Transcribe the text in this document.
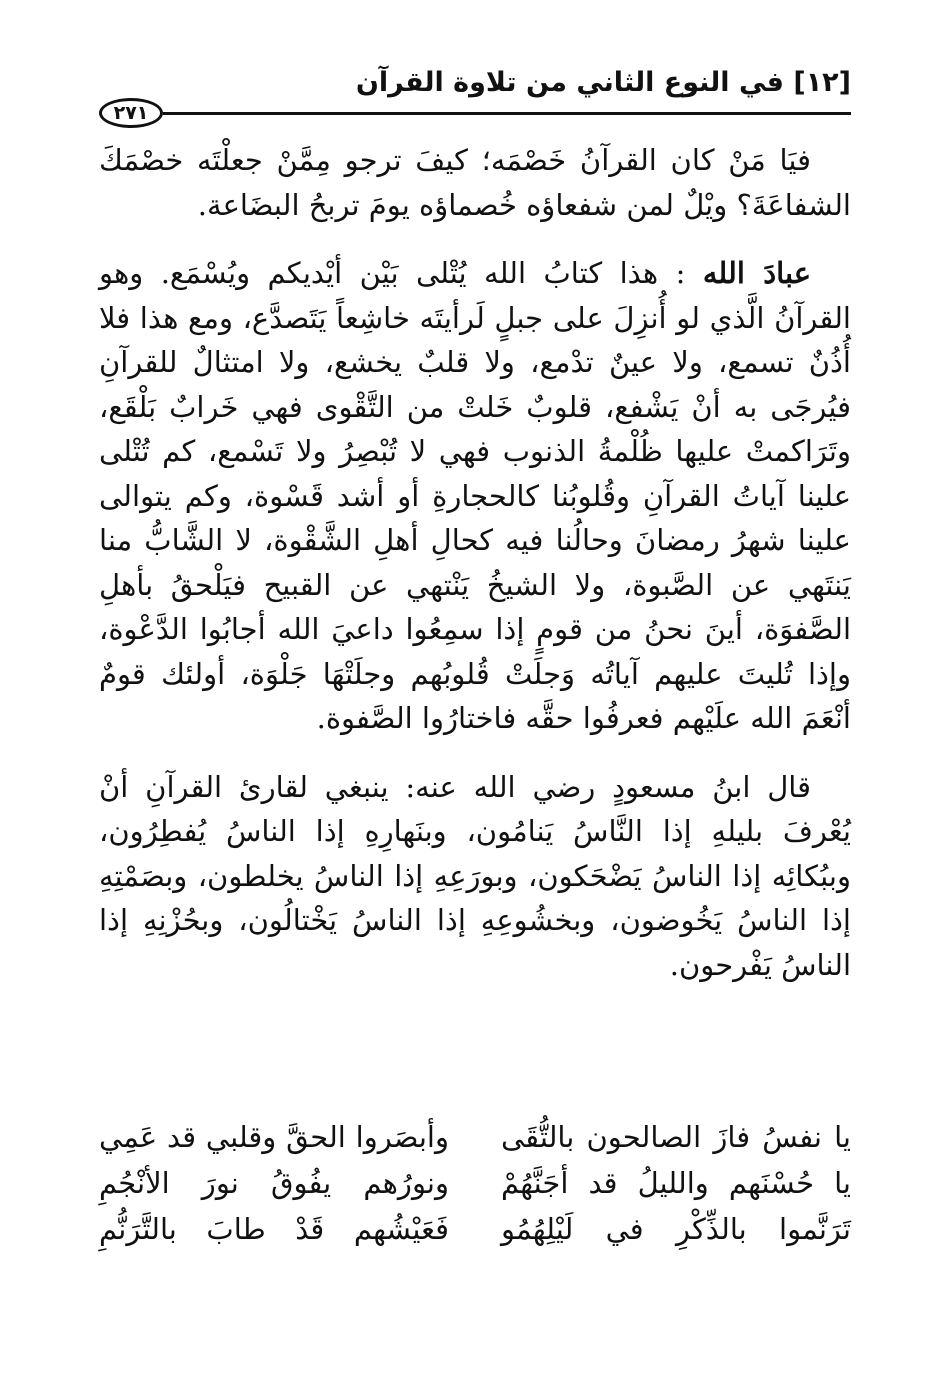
[١٢] في النوع الثاني من تلاوة القرآن
٢٧١

فيَا مَنْ كان القرآنُ خَصْمَه؛ كيفَ ترجو مِمَّنْ جعلْتَه خصْمَكَ الشفاعَةَ؟ ويْلٌ لمن شفعاؤه خُصماؤه يومَ تربحُ البضَاعة.

عبادَ الله : هذا كتابُ الله يُتْلى بَيْن أيْديكم ويُسْمَع. وهو القرآنُ الَّذي لو أُنزِلَ على جبلٍ لَرأيتَه خاشِعاً يَتَصدَّع، ومع هذا فلا أُذُنٌ تسمع، ولا عينٌ تدْمع، ولا قلبٌ يخشع، ولا امتثالٌ للقرآنِ فيُرجَى به أنْ يَشْفع، قلوبٌ خَلتْ من التَّقْوى فهي خَرابٌ بَلْقَع، وتَرَاكمتْ عليها ظُلْمةُ الذنوب فهي لا تُبْصِرُ ولا تَسْمع، كم تُتْلى علينا آياتُ القرآنِ وقُلوبُنا كالحجارةِ أو أشد قَسْوة، وكم يتوالى علينا شهرُ رمضانَ وحالُنا فيه كحالِ أهلِ الشَّقْوة، لا الشَّابُّ منا يَنتَهي عن الصَّبوة، ولا الشيخُ يَنْتهي عن القبيح فيَلْحقُ بأهلِ الصَّفوَة، أينَ نحنُ من قومٍ إذا سمِعُوا داعيَ الله أجابُوا الدَّعْوة، وإذا تُليتَ عليهم آياتُه وَجلَتْ قُلوبُهم وجلَتْهَا جَلْوَة، أولئك قومٌ أنْعَمَ الله علَيْهم فعرفُوا حقَّه فاختارُوا الصَّفوة.

قال ابنُ مسعودٍ رضي الله عنه: ينبغي لقارئ القرآنِ أنْ يُعْرفَ بليلهِ إذا النَّاسُ يَنامُون، وبنَهارِهِ إذا الناسُ يُفطِرُون، وببُكائِه إذا الناسُ يَضْحَكون، وبورَعِهِ إذا الناسُ يخلطون، وبصَمْتِهِ إذا الناسُ يَخُوضون، وبخشُوعِهِ إذا الناسُ يَخْتالُون، وبحُزْنِهِ إذا الناسُ يَفْرحون.

يا نفسُ فازَ الصالحون بالتُّقَى
وأبصَروا الحقَّ وقلبي قد عَمِي
يا حُسْنَهم والليلُ قد أجَنَّهُمْ
ونورُهم يفُوقُ نورَ الأنْجُمِ
تَرَنَّموا بالذِّكْرِ في لَيْلِهُمُو
فَعَيْشُهم قَدْ طابَ بالتَّرَنُّمِ
